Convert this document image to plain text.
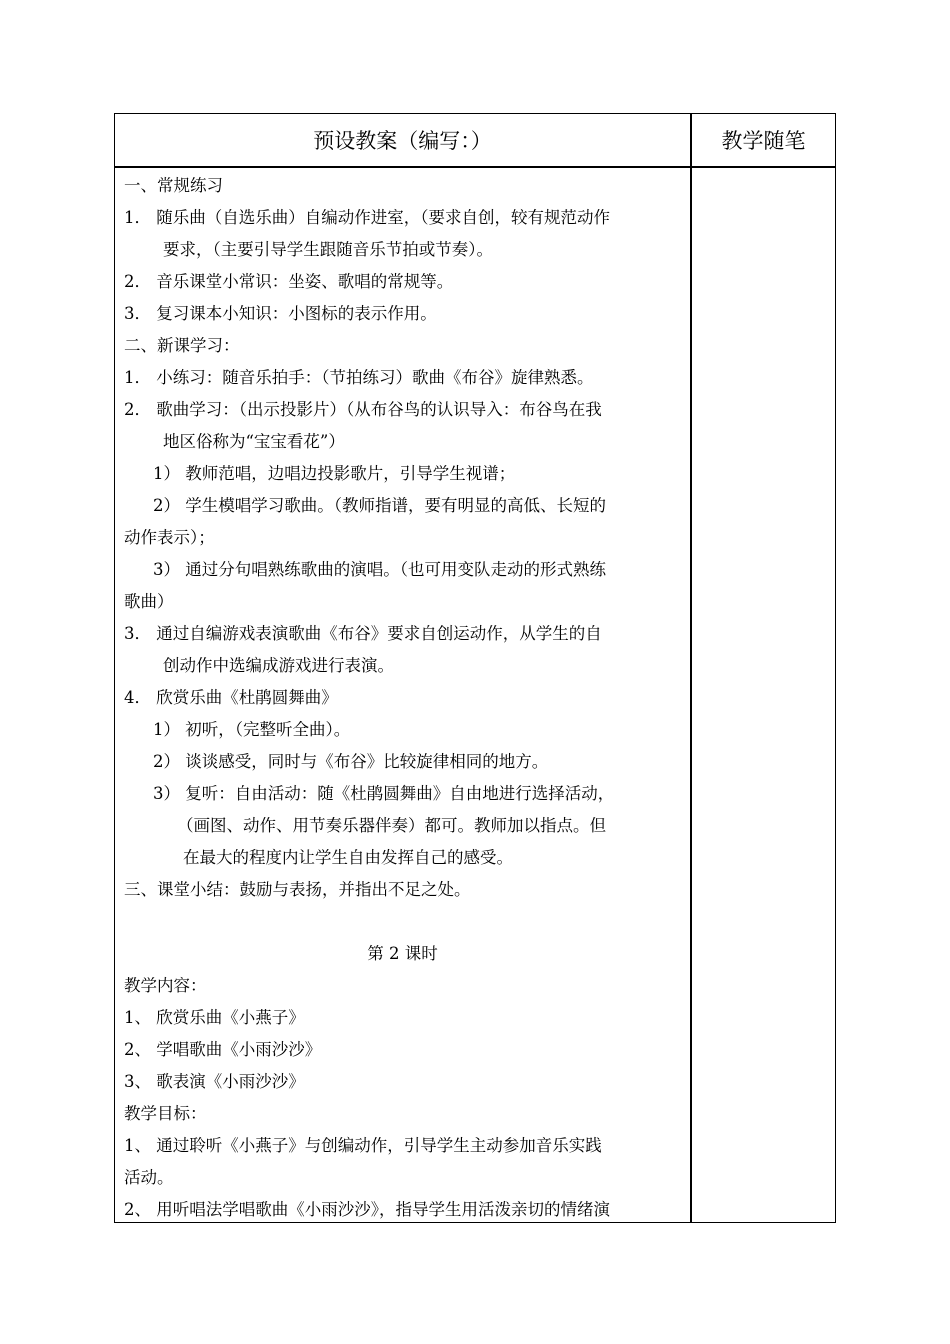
预设教案（编写：）	教学随笔
一、常规练习
1． 随乐曲（自选乐曲）自编动作进室，（要求自创，较有规范动作
要求，（主要引导学生跟随音乐节拍或节奏）。
2． 音乐课堂小常识：坐姿、歌唱的常规等。
3． 复习课本小知识：小图标的表示作用。
二、新课学习：
1． 小练习：随音乐拍手：（节拍练习）歌曲《布谷》旋律熟悉。
2． 歌曲学习：（出示投影片）（从布谷鸟的认识导入：布谷鸟在我
地区俗称为“宝宝看花”）
1） 教师范唱，边唱边投影歌片，引导学生视谱；
2） 学生模唱学习歌曲。（教师指谱，要有明显的高低、长短的
动作表示）；
3） 通过分句唱熟练歌曲的演唱。（也可用变队走动的形式熟练
歌曲）
3． 通过自编游戏表演歌曲《布谷》要求自创运动作，从学生的自
创动作中选编成游戏进行表演。
4． 欣赏乐曲《杜鹃圆舞曲》
1） 初听，（完整听全曲）。
2） 谈谈感受，同时与《布谷》比较旋律相同的地方。
3） 复听：自由活动：随《杜鹃圆舞曲》自由地进行选择活动，
（画图、动作、用节奏乐器伴奏）都可。教师加以指点。但
在最大的程度内让学生自由发挥自己的感受。
三、课堂小结：鼓励与表扬，并指出不足之处。
第 2 课时
教学内容：
1、 欣赏乐曲《小燕子》
2、 学唱歌曲《小雨沙沙》
3、 歌表演《小雨沙沙》
教学目标：
1、 通过聆听《小燕子》与创编动作，引导学生主动参加音乐实践
活动。
2、 用听唱法学唱歌曲《小雨沙沙》，指导学生用活泼亲切的情绪演
